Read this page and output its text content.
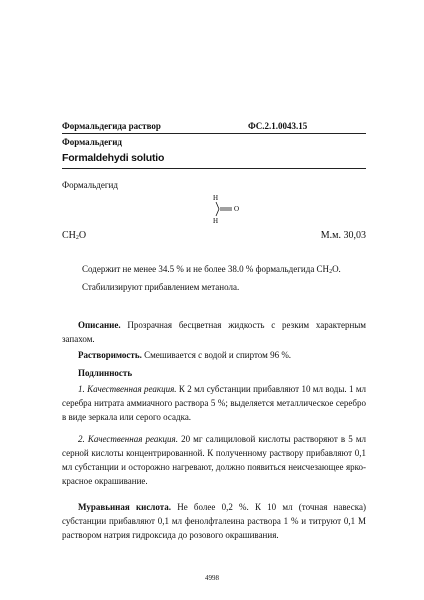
Формальдегида раствор	ФС.2.1.0043.15
Формальдегид
Formaldehydi solutio
Формальдегид
H
O
H
$CH_2O$	М.м. 30,03
Содержит не менее 34.5 % и не более 38.0 % формальдегида $CH_2O$.
Стабилизируют прибавлением метанола.
Описание. Прозрачная бесцветная жидкость с резким характерным запахом.
Растворимость. Смешивается с водой и спиртом 96 %.
Подлинность
1. Качественная реакция. К 2 мл субстанции прибавляют 10 мл воды. 1 мл серебра нитрата аммиачного раствора 5 %; выделяется металлическое серебро в виде зеркала или серого осадка.
2. Качественная реакция. 20 мг салициловой кислоты растворяют в 5 мл серной кислоты концентрированной. К полученному раствору прибавляют 0,1 мл субстанции и осторожно нагревают, должно появиться неисчезающее ярко-красное окрашивание.
Муравьиная кислота. Не более 0,2 %. К 10 мл (точная навеска) субстанции прибавляют 0,1 мл фенолфталеина раствора 1 % и титруют 0,1 М раствором натрия гидроксида до розового окрашивания.
4998
